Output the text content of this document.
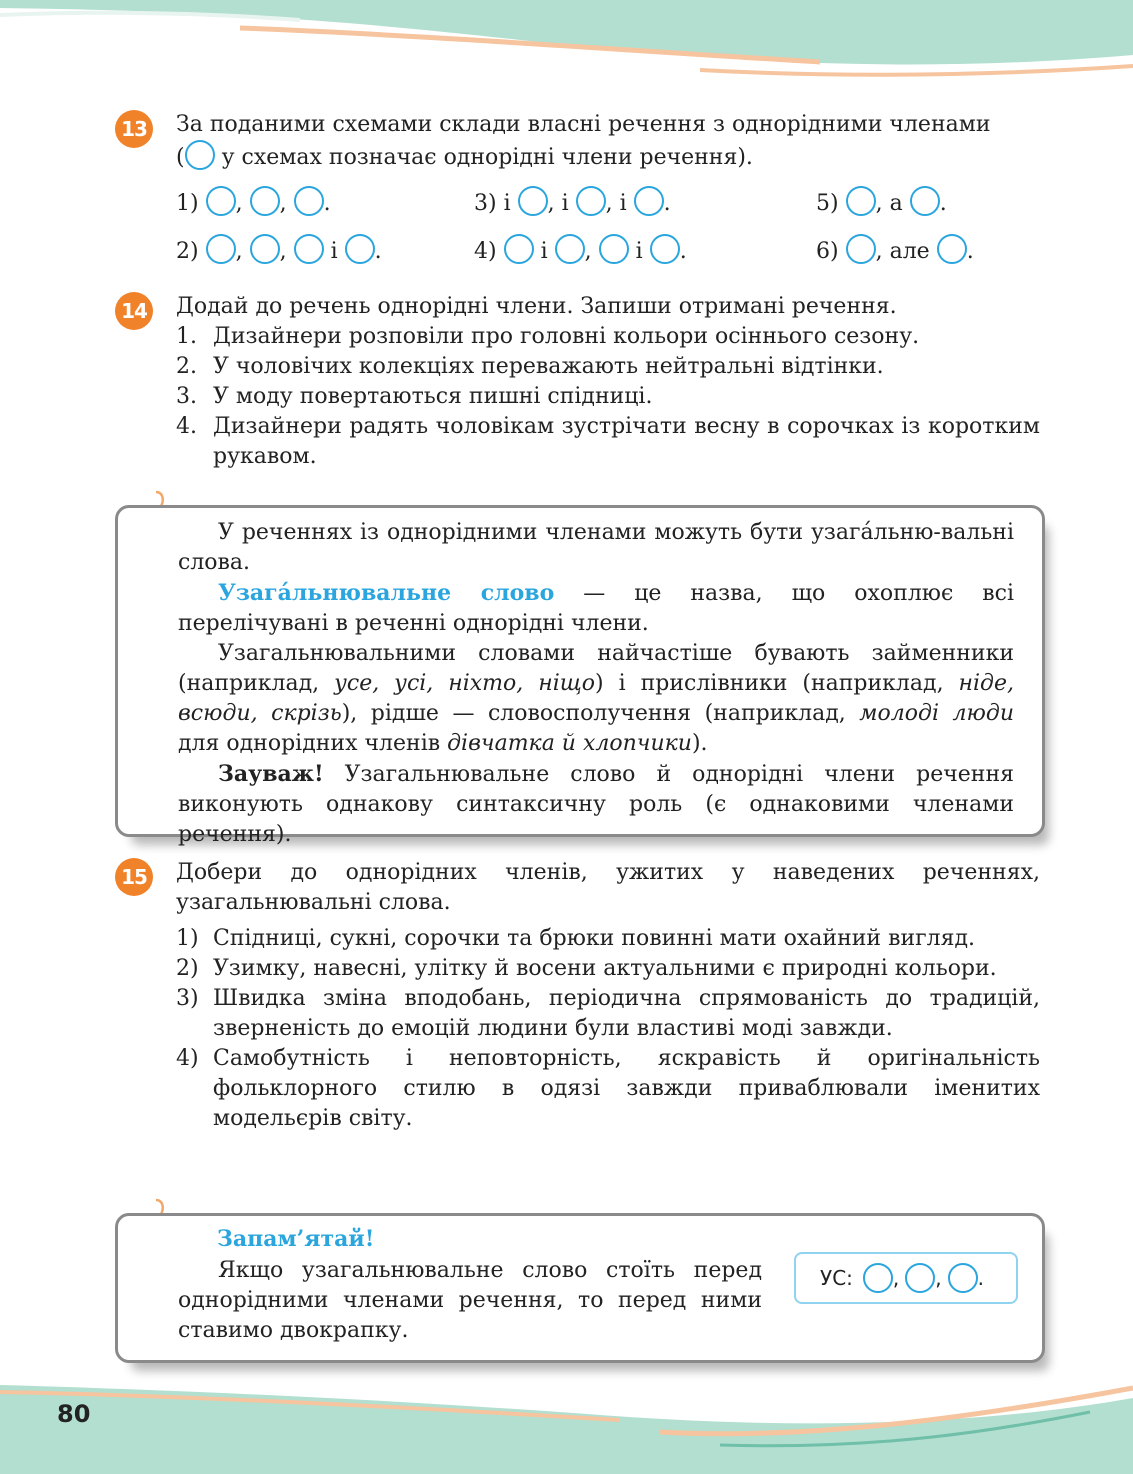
13 За поданими схемами склади власні речення з однорідними членами
( у схемах позначає однорідні члени речення).
1) , , .
2) , , і .
3) і , і , і .
4) і , і .
5) , а .
6) , але .
14 Додай до речень однорідні члени. Запиши отримані речення.
1. Дизайнери розповіли про головні кольори осіннього сезону.
2. У чоловічих колекціях переважають нейтральні відтінки.
3. У моду повертаються пишні спідниці.
4. Дизайнери радять чоловікам зустрічати весну в сорочках із коротким рукавом.

У реченнях із однорідними членами можуть бути узага́льню-вальні слова.

Узага́льнювальне слово — це назва, що охоплює всі перелічувані в реченні однорідні члени.

Узагальнювальними словами найчастіше бувають займенники (наприклад, усе, усі, ніхто, ніщо) і прислівники (наприклад, ніде, всюди, скрізь), рідше — словосполучення (наприклад, молоді люди для однорідних членів дівчатка й хлопчики).

Зауваж! Узагальнювальне слово й однорідні члени речення виконують однакову синтаксичну роль (є однаковими членами речення).

15 Добери до однорідних членів, ужитих у наведених реченнях, узагальнювальні слова.
1) Спідниці, сукні, сорочки та брюки повинні мати охайний вигляд.
2) Узимку, навесні, улітку й восени актуальними є природні кольори.
3) Швидка зміна вподобань, періодична спрямованість до традицій, зверненість до емоцій людини були властиві моді завжди.
4) Самобутність і неповторність, яскравість й оригінальність фольклорного стилю в одязі завжди приваблювали іменитих модельєрів світу.
Запам’ятай!

Якщо узагальнювальне слово стоїть перед однорідними членами речення, то перед ними ставимо двокрапку.

УС: , , .
80
